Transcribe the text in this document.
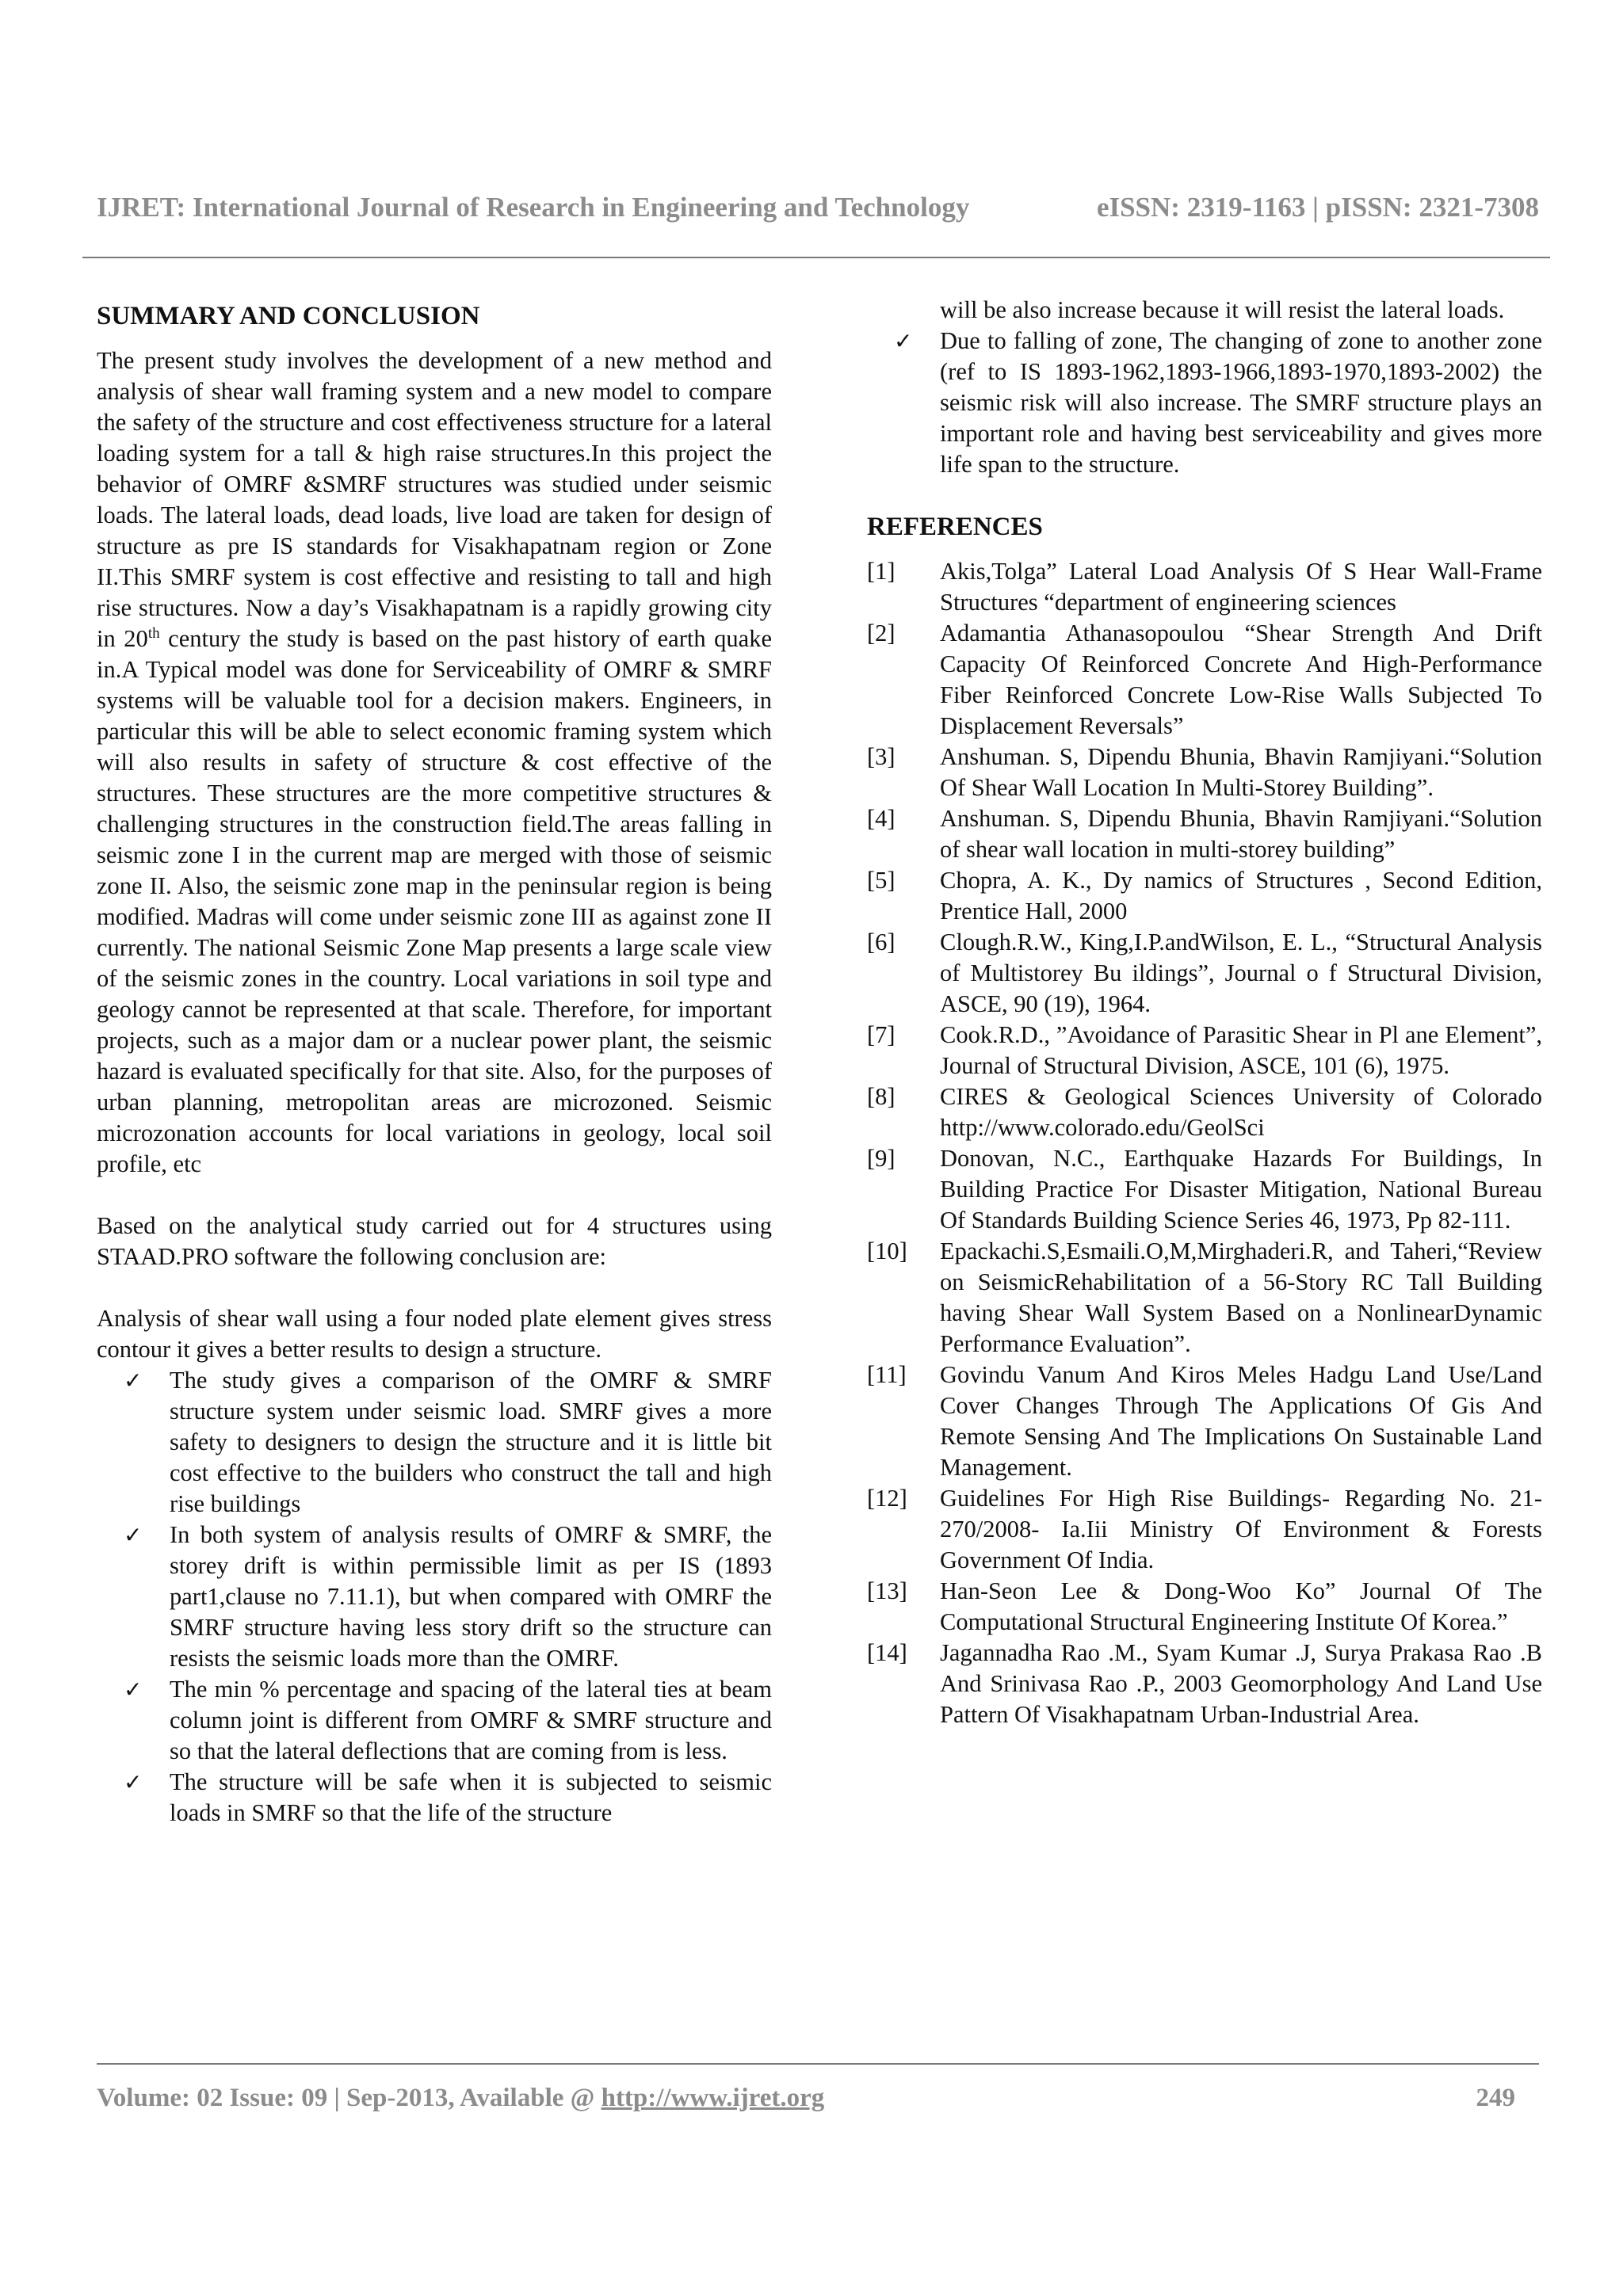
IJRET: International Journal of Research in Engineering and Technology	eISSN: 2319-1163 | pISSN: 2321-7308
SUMMARY AND CONCLUSION

The present study involves the development of a new method and analysis of shear wall framing system and a new model to compare the safety of the structure and cost effectiveness structure for a lateral loading system for a tall & high raise structures.In this project the behavior of OMRF &SMRF structures was studied under seismic loads. The lateral loads, dead loads, live load are taken for design of structure as pre IS standards for Visakhapatnam region or Zone II.This SMRF system is cost effective and resisting to tall and high rise structures. Now a day’s Visakhapatnam is a rapidly growing city in 20th century the study is based on the past history of earth quake in.A Typical model was done for Serviceability of OMRF & SMRF systems will be valuable tool for a decision makers. Engineers, in particular this will be able to select economic framing system which will also results in safety of structure & cost effective of the structures. These structures are the more competitive structures & challenging structures in the construction field.The areas falling in seismic zone I in the current map are merged with those of seismic zone II. Also, the seismic zone map in the peninsular region is being modified. Madras will come under seismic zone III as against zone II currently. The national Seismic Zone Map presents a large scale view of the seismic zones in the country. Local variations in soil type and geology cannot be represented at that scale. Therefore, for important projects, such as a major dam or a nuclear power plant, the seismic hazard is evaluated specifically for that site. Also, for the purposes of urban planning, metropolitan areas are microzoned. Seismic microzonation accounts for local variations in geology, local soil profile, etc

Based on the analytical study carried out for 4 structures using STAAD.PRO software the following conclusion are:

Analysis of shear wall using a four noded plate element gives stress contour it gives a better results to design a structure.

✓ The study gives a comparison of the OMRF & SMRF structure system under seismic load. SMRF gives a more safety to designers to design the structure and it is little bit cost effective to the builders who construct the tall and high rise buildings
✓ In both system of analysis results of OMRF & SMRF, the storey drift is within permissible limit as per IS (1893 part1,clause no 7.11.1), but when compared with OMRF the SMRF structure having less story drift so the structure can resists the seismic loads more than the OMRF.
✓ The min % percentage and spacing of the lateral ties at beam column joint is different from OMRF & SMRF structure and so that the lateral deflections that are coming from is less.
✓ The structure will be safe when it is subjected to seismic loads in SMRF so that the life of the structure
will be also increase because it will resist the lateral loads.
✓ Due to falling of zone, The changing of zone to another zone (ref to IS 1893-1962,1893-1966,1893-1970,1893-2002) the seismic risk will also increase. The SMRF structure plays an important role and having best serviceability and gives more life span to the structure.
REFERENCES

[1] Akis,Tolga” Lateral Load Analysis Of S Hear Wall-Frame Structures “department of engineering sciences

[2] Adamantia Athanasopoulou “Shear Strength And Drift Capacity Of Reinforced Concrete And High-Performance Fiber Reinforced Concrete Low-Rise Walls Subjected To Displacement Reversals”

[3] Anshuman. S, Dipendu Bhunia, Bhavin Ramjiyani.“Solution Of Shear Wall Location In Multi-Storey Building”.

[4] Anshuman. S, Dipendu Bhunia, Bhavin Ramjiyani.“Solution of shear wall location in multi-storey building”

[5] Chopra, A. K., Dy namics of Structures , Second Edition, Prentice Hall, 2000

[6] Clough.R.W., King,I.P.andWilson, E. L., “Structural Analysis of Multistorey Bu ildings”, Journal o f Structural Division, ASCE, 90 (19), 1964.

[7] Cook.R.D., ”Avoidance of Parasitic Shear in Pl ane Element”, Journal of Structural Division, ASCE, 101 (6), 1975.

[8] CIRES & Geological Sciences University of Colorado http://www.colorado.edu/GeolSci

[9] Donovan, N.C., Earthquake Hazards For Buildings, In Building Practice For Disaster Mitigation, National Bureau Of Standards Building Science Series 46, 1973, Pp 82-111.

[10] Epackachi.S,Esmaili.O,M,Mirghaderi.R, and Taheri,“Review on SeismicRehabilitation of a 56-Story RC Tall Building having Shear Wall System Based on a NonlinearDynamic Performance Evaluation”.

[11] Govindu Vanum And Kiros Meles Hadgu Land Use/Land Cover Changes Through The Applications Of Gis And Remote Sensing And The Implications On Sustainable Land Management.

[12] Guidelines For High Rise Buildings- Regarding No. 21-270/2008- Ia.Iii Ministry Of Environment & Forests Government Of India.

[13] Han-Seon Lee & Dong-Woo Ko” Journal Of The Computational Structural Engineering Institute Of Korea.”

[14] Jagannadha Rao .M., Syam Kumar .J, Surya Prakasa Rao .B And Srinivasa Rao .P., 2003 Geomorphology And Land Use Pattern Of Visakhapatnam Urban-Industrial Area.

Volume: 02 Issue: 09 | Sep-2013, Available @ http://www.ijret.org	249
